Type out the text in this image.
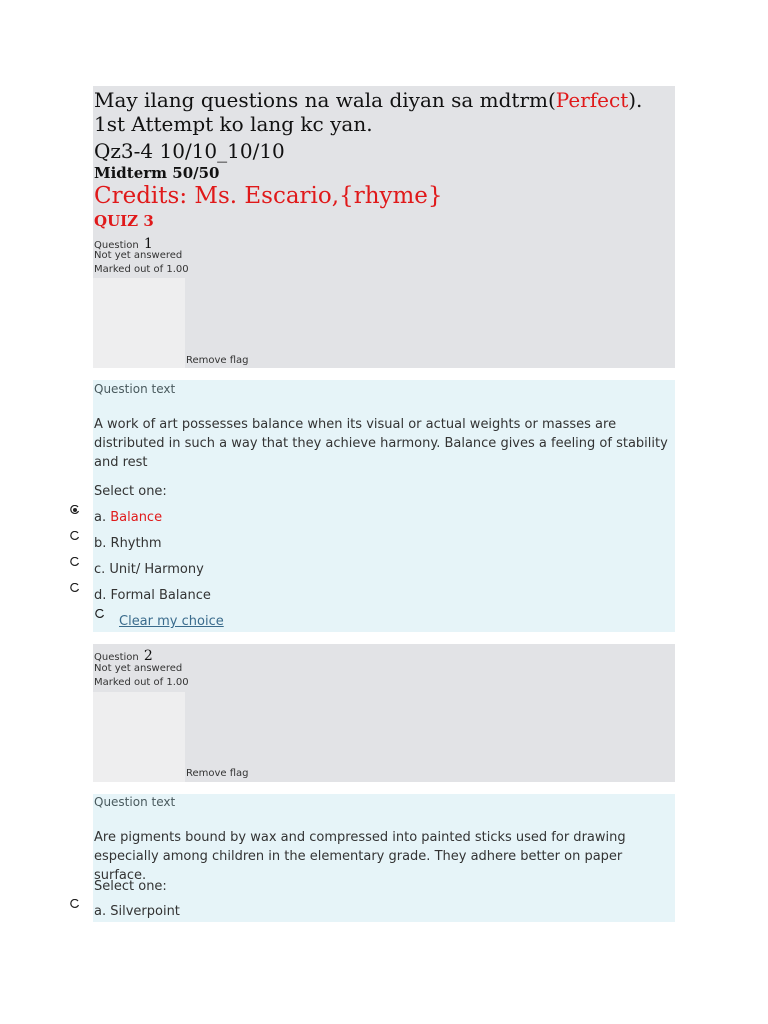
May ilang questions na wala diyan sa mdtrm(Perfect). 1st Attempt ko lang kc yan.
Qz3-4 10/10_10/10
Midterm 50/50
Credits: Ms. Escario,{rhyme}
QUIZ 3
Question 1
Not yet answered
Marked out of 1.00
Remove flag
Question text
A work of art possesses balance when its visual or actual weights or masses are distributed in such a way that they achieve harmony. Balance gives a feeling of stability and rest
Select one:
a. Balance
b. Rhythm
c. Unit/ Harmony
d. Formal Balance
Clear my choice
Question 2
Not yet answered
Marked out of 1.00
Remove flag
Question text
Are pigments bound by wax and compressed into painted sticks used for drawing especially among children in the elementary grade. They adhere better on paper surface.
Select one:
a. Silverpoint
